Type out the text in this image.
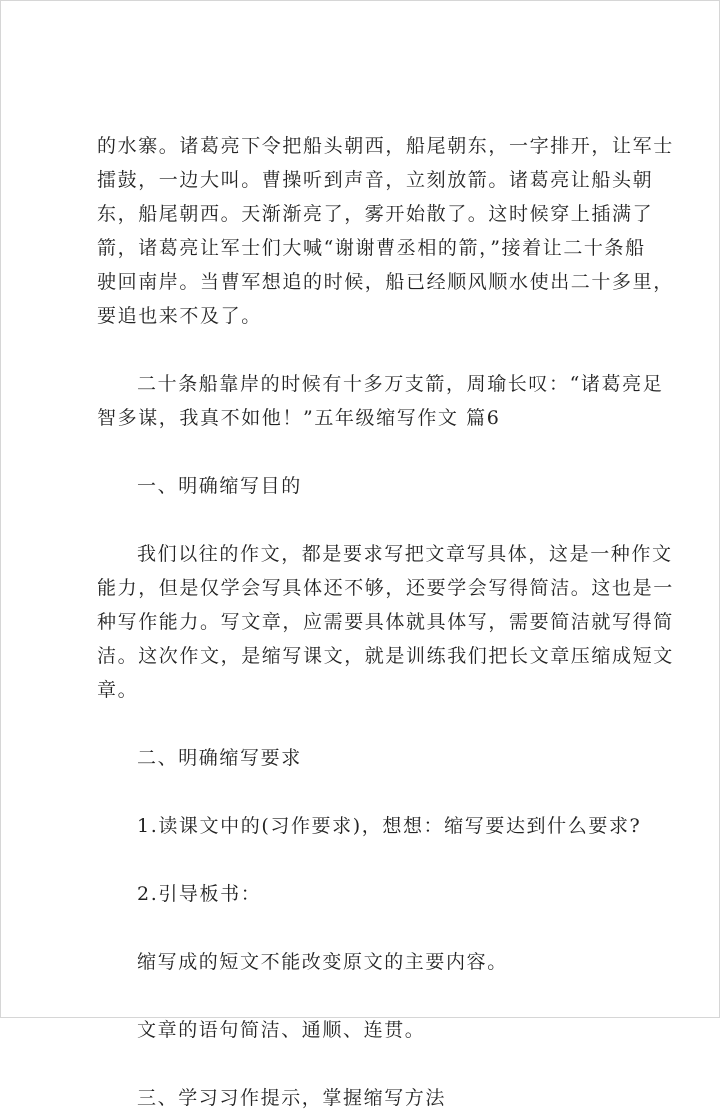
的水寨。诸葛亮下令把船头朝西，船尾朝东，一字排开，让军士
擂鼓，一边大叫。曹操听到声音，立刻放箭。诸葛亮让船头朝
东，船尾朝西。天渐渐亮了，雾开始散了。这时候穿上插满了
箭，诸葛亮让军士们大喊“谢谢曹丞相的箭，”接着让二十条船
驶回南岸。当曹军想追的时候，船已经顺风顺水使出二十多里，
要追也来不及了。
二十条船靠岸的时候有十多万支箭，周瑜长叹：“诸葛亮足
智多谋，我真不如他！”五年级缩写作文 篇6
一、明确缩写目的
我们以往的作文，都是要求写把文章写具体，这是一种作文
能力，但是仅学会写具体还不够，还要学会写得简洁。这也是一
种写作能力。写文章，应需要具体就具体写，需要简洁就写得简
洁。这次作文，是缩写课文，就是训练我们把长文章压缩成短文
章。
二、明确缩写要求
1.读课文中的(习作要求)，想想：缩写要达到什么要求?
2.引导板书：
缩写成的短文不能改变原文的主要内容。
文章的语句简洁、通顺、连贯。
三、学习习作提示，掌握缩写方法
